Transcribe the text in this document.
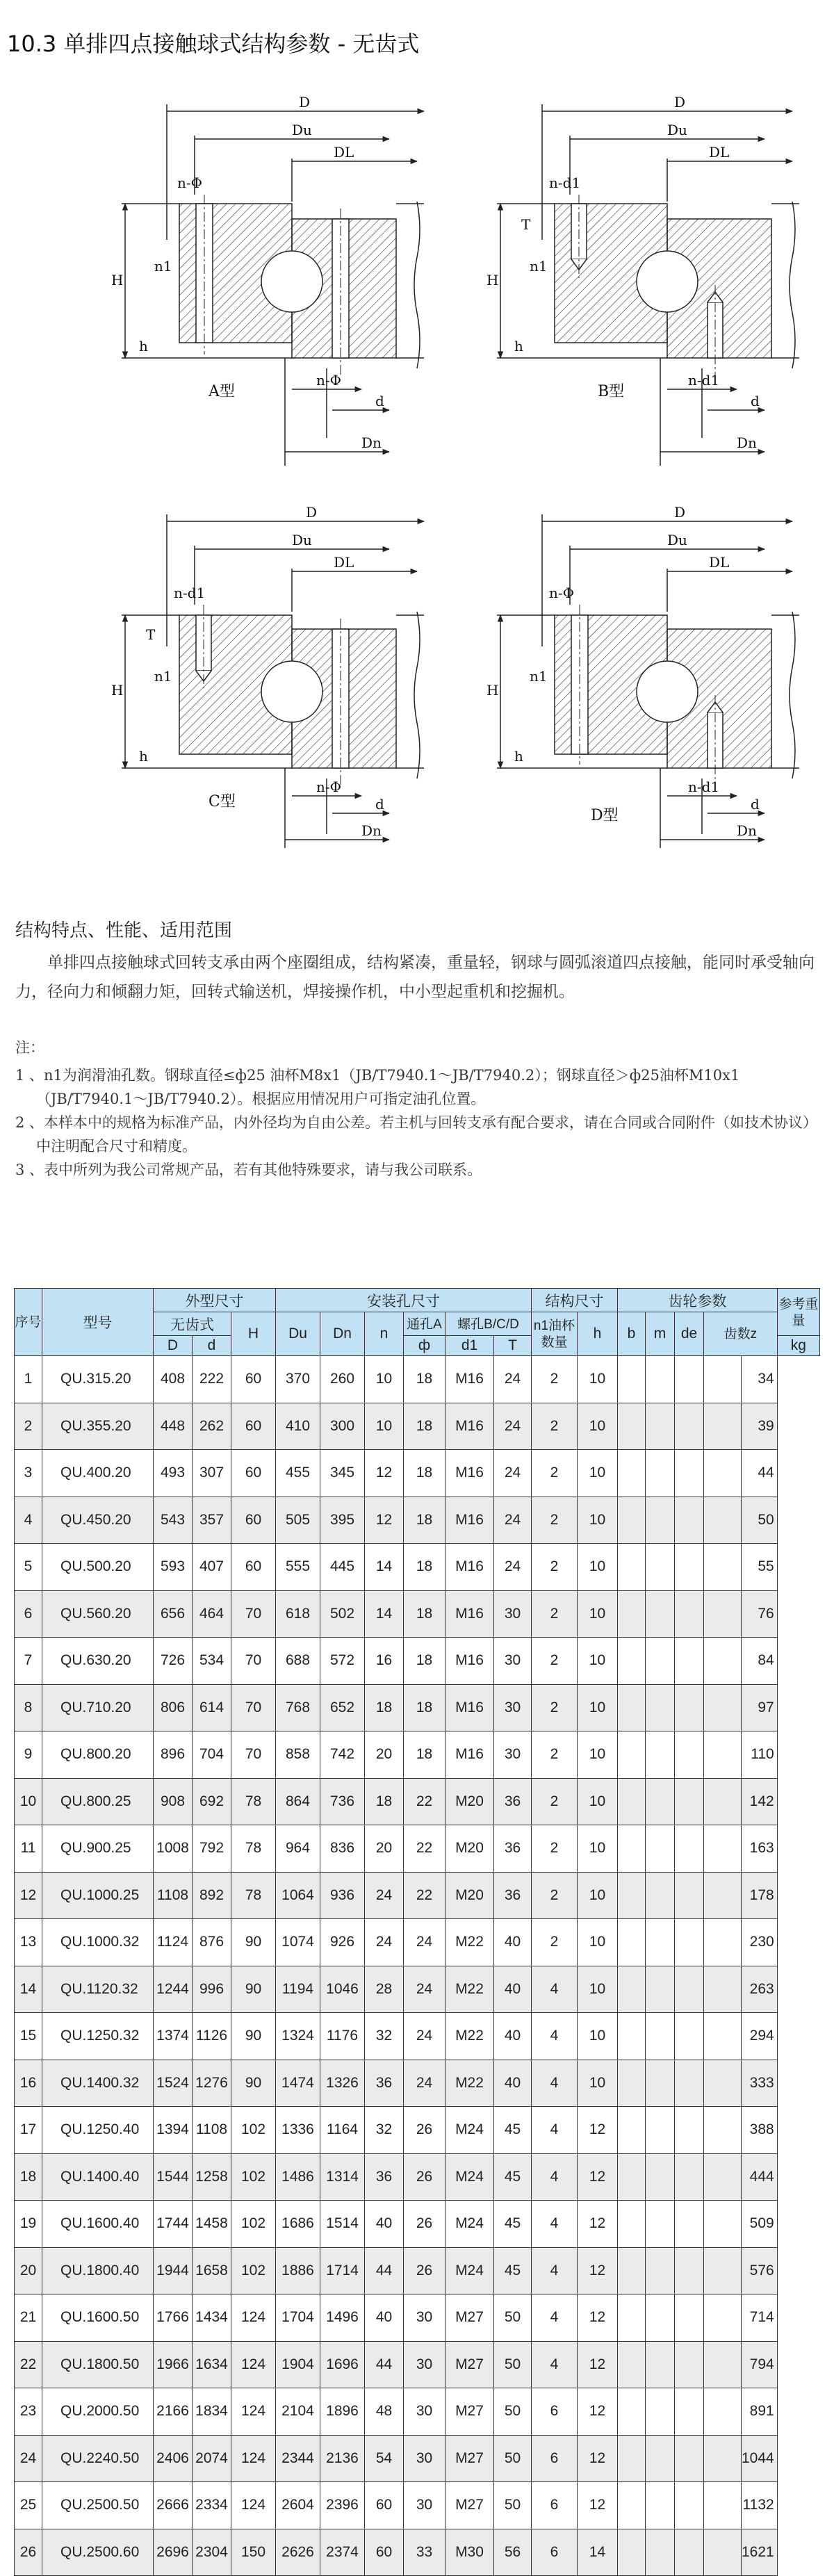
10.3 单排四点接触球式结构参数 - 无齿式
D
Du
DL
n-Φ
n1
H
h
n-Φ
d
Dn
A型
D
Du
DL
n-d1
T
n1
H
h
n-d1
d
Dn
B型
D
Du
DL
n-d1
T
n1
H
h
n-Φ
d
Dn
C型
D
Du
DL
n-Φ
n1
H
h
n-d1
d
Dn
D型
结构特点、性能、适用范围
单排四点接触球式回转支承由两个座圈组成，结构紧凑，重量轻，钢球与圆弧滚道四点接触，能同时承受轴向力，径向力和倾翻力矩，回转式输送机，焊接操作机，中小型起重机和挖掘机。
注：
1 、n1为润滑油孔数。钢球直径≤ф25 油杯M8x1（JB/T7940.1～JB/T7940.2）；钢球直径＞ф25油杯M10x1（JB/T7940.1～JB/T7940.2）。根据应用情况用户可指定油孔位置。
2 、本样本中的规格为标准产品，内外径均为自由公差。若主机与回转支承有配合要求，请在合同或合同附件（如技术协议）中注明配合尺寸和精度。
3 、表中所列为我公司常规产品，若有其他特殊要求，请与我公司联系。
序号	型号	外型尺寸			安装孔尺寸						结构尺寸		齿轮参数					参考重量
		无齿式		H	Du	Dn	n	通孔A	螺孔B/C/D		n1油杯数量	h	b	m	de	齿数z		
		D	d					ф	d1	T								kg
1	QU.315.20	408	222	60	370	260	10	18	M16	24	2	10					34	
2	QU.355.20	448	262	60	410	300	10	18	M16	24	2	10					39	
3	QU.400.20	493	307	60	455	345	12	18	M16	24	2	10					44	
4	QU.450.20	543	357	60	505	395	12	18	M16	24	2	10					50	
5	QU.500.20	593	407	60	555	445	14	18	M16	24	2	10					55	
6	QU.560.20	656	464	70	618	502	14	18	M16	30	2	10					76	
7	QU.630.20	726	534	70	688	572	16	18	M16	30	2	10					84	
8	QU.710.20	806	614	70	768	652	18	18	M16	30	2	10					97	
9	QU.800.20	896	704	70	858	742	20	18	M16	30	2	10					110	
10	QU.800.25	908	692	78	864	736	18	22	M20	36	2	10					142	
11	QU.900.25	1008	792	78	964	836	20	22	M20	36	2	10					163	
12	QU.1000.25	1108	892	78	1064	936	24	22	M20	36	2	10					178	
13	QU.1000.32	1124	876	90	1074	926	24	24	M22	40	2	10					230	
14	QU.1120.32	1244	996	90	1194	1046	28	24	M22	40	4	10					263	
15	QU.1250.32	1374	1126	90	1324	1176	32	24	M22	40	4	10					294	
16	QU.1400.32	1524	1276	90	1474	1326	36	24	M22	40	4	10					333	
17	QU.1250.40	1394	1108	102	1336	1164	32	26	M24	45	4	12					388	
18	QU.1400.40	1544	1258	102	1486	1314	36	26	M24	45	4	12					444	
19	QU.1600.40	1744	1458	102	1686	1514	40	26	M24	45	4	12					509	
20	QU.1800.40	1944	1658	102	1886	1714	44	26	M24	45	4	12					576	
21	QU.1600.50	1766	1434	124	1704	1496	40	30	M27	50	4	12					714	
22	QU.1800.50	1966	1634	124	1904	1696	44	30	M27	50	4	12					794	
23	QU.2000.50	2166	1834	124	2104	1896	48	30	M27	50	6	12					891	
24	QU.2240.50	2406	2074	124	2344	2136	54	30	M27	50	6	12					1044	
25	QU.2500.50	2666	2334	124	2604	2396	60	30	M27	50	6	12					1132	
26	QU.2500.60	2696	2304	150	2626	2374	60	33	M30	56	6	14					1621	
